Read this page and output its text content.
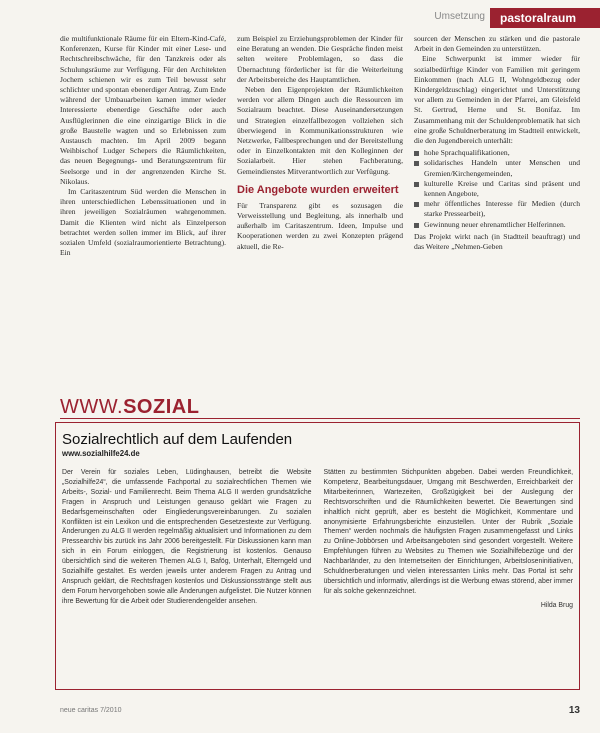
Umsetzung	pastoralraum

die multifunktionale Räume für ein Eltern-Kind-Café, Konferenzen, Kurse für Kinder mit einer Lese- und Rechtschreibschwäche, für den Tanzkreis oder als Schulungsräume zur Verfügung. Für den Architekten Jochem schienen wir es zum Teil bewusst sehr schlichter und spontan ebenerdiger Antrag. Zum Ende während der Umbauarbeiten kamen immer wieder Interessierte ebenerdige Geschäfte oder auch Ausflüglerinnen die eine einzigartige Blick in die große Baustelle wagten und so Erlebnissen zum Austausch machten. Im April 2009 begann Weihbischof Ludger Schepers die Räumlichkeiten, das neuen Begegnungs- und Beratungszentrum für Seelsorge und in der angrenzenden Kirche St. Nikolaus.

Im Caritaszentrum Süd werden die Menschen in ihren unterschiedlichen Lebenssituationen und in ihren jeweiligen Sozialräumen wahrgenommen. Damit die Klienten wird nicht als Einzelperson betrachtet werden sollen immer im Blick, auf ihrer sozialen Umfeld (sozialraumorientierte Betrachtung). Ein

zum Beispiel zu Erziehungsproblemen der Kinder für eine Beratung an wenden. Die Gespräche finden meist selten weitere Problemlagen, so dass die Übernachtung förderlicher ist für die Weiterleitung der Arbeitsbereiche des Hauptamtlichen.

Neben den Eigenprojekten der Räumlichkeiten werden vor allem Dingen auch die Ressourcen im Sozialraum beachtet. Diese Auseinandersetzungen und Strategien einzelfallbezogen vollziehen sich überwiegend in Kommunikationsstrukturen wie Netzwerke, Fallbesprechungen und der Bereitstellung oder in Einzelkontakten mit den Kolleginnen der Sozialarbeit. Hier stehen Fachberatung, Gemeindienstes Mitverantwortlich zur Verfügung.

Die Angebote wurden erweitert

Für Transparenz gibt es sozusagen die Verweisstellung und Begleitung, als innerhalb und außerhalb im Caritaszentrum. Ideen, Impulse und Kooperationen werden zu zwei Konzepten prägend aktuell, die Re-

sourcen der Menschen zu stärken und die pastorale Arbeit in den Gemeinden zu unterstützen.

Eine Schwerpunkt ist immer wieder für sozialbedürftige Kinder von Familien mit geringem Einkommen (nach ALG II, Wohngeldbezug oder Kindergeldzuschlag) eingerichtet und Unterstützung vor allem zu Gemeinden in der Pfarrei, am Gleisfeld St. Gertrud, Herne und St. Bonifaz. Im Zusammenhang mit der Schuldenproblematik hat sich eine große Schuldnerberatung im Stadtteil entwickelt, die den Jugendbereich unterhält:

hohe Sprachqualifikationen,
solidarisches Handeln unter Menschen und Gremien/Kirchengemeinden,
kulturelle Kreise und Caritas sind präsent und kennen Angebote,
mehr öffentliches Interesse für Medien (durch starke Pressearbeit),
Gewinnung neuer ehrenamtlicher Helferinnen.

Das Projekt wirkt nach (in Stadtteil beauftragt) und das Weitere „Nehmen-Geben

WWW.SOZIAL
Sozialrechtlich auf dem Laufenden
www.sozialhilfe24.de

Der Verein für soziales Leben, Lüdinghausen, betreibt die Website „Sozialhilfe24“, die umfassende Fachportal zu sozialrechtlichen Themen wie Arbeits-, Sozial- und Familienrecht. Beim Thema ALG II werden grundsätzliche Fragen in Anspruch und Leistungen genauso geklärt wie Fragen zu Bedarfsgemeinschaften oder Eingliederungsvereinbarungen. Zu sozialen Konflikten ist ein Lexikon und die entsprechenden Gesetzestexte zur Verfügung. Änderungen zu ALG II werden regelmäßig aktualisiert und Informationen zu dem Pressearchiv bis zurück ins Jahr 2006 bereitgestellt. Für Diskussionen kann man sich in ein Forum einloggen, die Registrierung ist kostenlos. Genauso übersichtlich sind die weiteren Themen ALG I, Bafög, Unterhalt, Elterngeld und Sozialhilfe gestaltet. Es werden jeweils unter anderem Fragen zu Antrag und Anspruch geklärt, die Rechtsfragen kostenlos und Diskussionsstränge stellt aus dem Forum hervorgehoben sowie alle Änderungen aufgelistet. Die Nutzer können ihre Bewertung für die Arbeit oder Studierendengelder ansehen.

Stätten zu bestimmten Stichpunkten abgeben. Dabei werden Freundlichkeit, Kompetenz, Bearbeitungsdauer, Umgang mit Beschwerden, Erreichbarkeit der Mitarbeiterinnen, Wartezeiten, Großzügigkeit bei der Auslegung der Rechtsvorschriften und die Räumlichkeiten bewertet. Die Bewertungen sind inhaltlich nicht geprüft, aber es besteht die Möglichkeit, Kommentare und anonymisierte Erfahrungsberichte einzustellen. Unter der Rubrik „Soziale Themen“ werden nochmals die häufigsten Fragen zusammengefasst und Links zu Online-Jobbörsen und Arbeitsangeboten sind gesondert vorgestellt. Weitere Empfehlungen führen zu Websites zu Themen wie Sozialhilfebezüge und der Nachbarländer, zu den Internetseiten der Einrichtungen, Arbeitsloseninitiativen, Schuldnerberatungen und vielen interessanten Links mehr. Das Portal ist sehr übersichtlich und informativ, allerdings ist die Werbung etwas störend, aber immer für als solche gekennzeichnet.

Hilda Brug
neue caritas 7/2010	13
